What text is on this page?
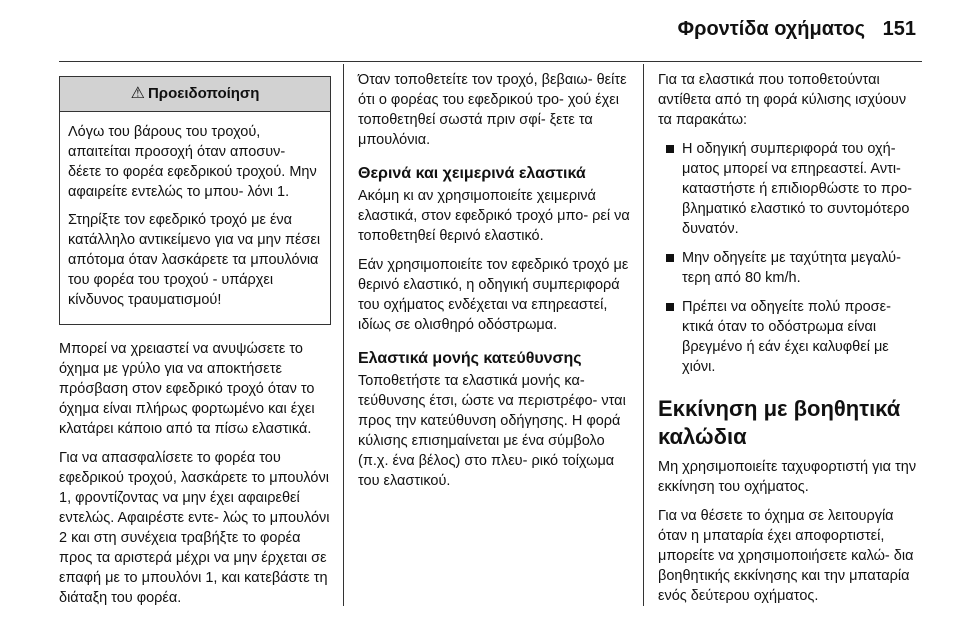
Φροντίδα οχήματος 151
⚠ Προειδοποίηση

Λόγω του βάρους του τροχού, απαιτείται προσοχή όταν αποσυν- δέετε το φορέα εφεδρικού τροχού. Μην αφαιρείτε εντελώς το μπου- λόνι 1.

Στηρίξτε τον εφεδρικό τροχό με ένα κατάλληλο αντικείμενο για να μην πέσει απότομα όταν λασκάρετε τα μπουλόνια του φορέα του τροχού - υπάρχει κίνδυνος τραυματισμού!

Μπορεί να χρειαστεί να ανυψώσετε το όχημα με γρύλο για να αποκτήσετε πρόσβαση στον εφεδρικό τροχό όταν το όχημα είναι πλήρως φορτωμένο και έχει κλατάρει κάποιο από τα πίσω ελαστικά.

Για να απασφαλίσετε το φορέα του εφεδρικού τροχού, λασκάρετε το μπουλόνι 1, φροντίζοντας να μην έχει αφαιρεθεί εντελώς. Αφαιρέστε εντε- λώς το μπουλόνι 2 και στη συνέχεια τραβήξτε το φορέα προς τα αριστερά μέχρι να μην έρχεται σε επαφή με το μπουλόνι 1, και κατεβάστε τη διάταξη του φορέα.

Όταν τοποθετείτε τον τροχό, βεβαιω- θείτε ότι ο φορέας του εφεδρικού τρο- χού έχει τοποθετηθεί σωστά πριν σφί- ξετε τα μπουλόνια.

Θερινά και χειμερινά ελαστικά

Ακόμη κι αν χρησιμοποιείτε χειμερινά ελαστικά, στον εφεδρικό τροχό μπο- ρεί να τοποθετηθεί θερινό ελαστικό.

Εάν χρησιμοποιείτε τον εφεδρικό τροχό με θερινό ελαστικό, η οδηγική συμπεριφορά του οχήματος ενδέχεται να επηρεαστεί, ιδίως σε ολισθηρό οδόστρωμα.

Ελαστικά μονής κατεύθυνσης

Τοποθετήστε τα ελαστικά μονής κα- τεύθυνσης έτσι, ώστε να περιστρέφο- νται προς την κατεύθυνση οδήγησης. Η φορά κύλισης επισημαίνεται με ένα σύμβολο (π.χ. ένα βέλος) στο πλευ- ρικό τοίχωμα του ελαστικού.

Για τα ελαστικά που τοποθετούνται αντίθετα από τη φορά κύλισης ισχύουν τα παρακάτω:

Η οδηγική συμπεριφορά του οχή- ματος μπορεί να επηρεαστεί. Αντι- καταστήστε ή επιδιορθώστε το προ- βληματικό ελαστικό το συντομότερο δυνατόν.
Μην οδηγείτε με ταχύτητα μεγαλύ- τερη από 80 km/h.
Πρέπει να οδηγείτε πολύ προσε- κτικά όταν το οδόστρωμα είναι βρεγμένο ή εάν έχει καλυφθεί με χιόνι.
Εκκίνηση με βοηθητικά καλώδια

Μη χρησιμοποιείτε ταχυφορτιστή για την εκκίνηση του οχήματος.

Για να θέσετε το όχημα σε λειτουργία όταν η μπαταρία έχει αποφορτιστεί, μπορείτε να χρησιμοποιήσετε καλώ- δια βοηθητικής εκκίνησης και την μπαταρία ενός δεύτερου οχήματος.
